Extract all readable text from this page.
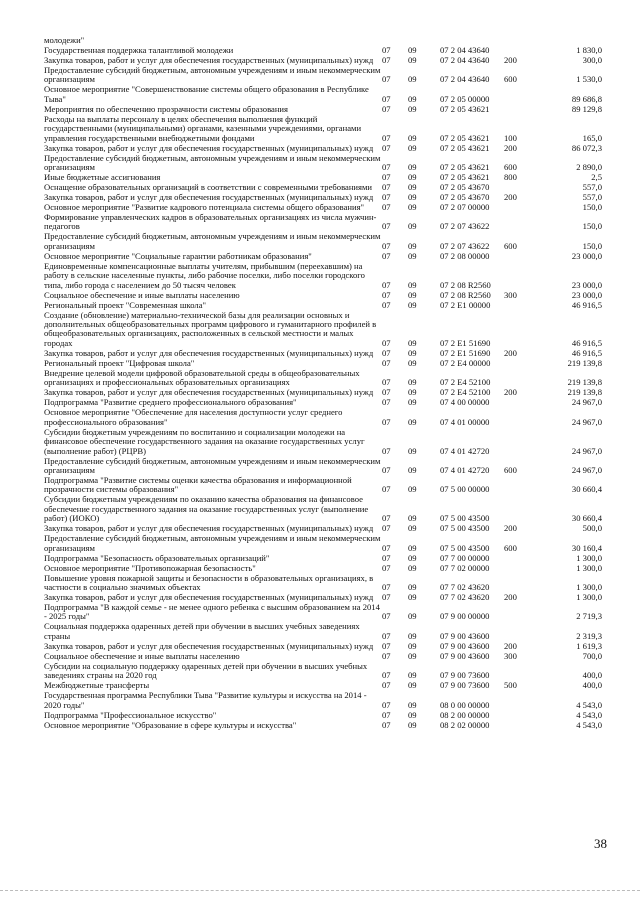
молодежи"
Государственная поддержка талантливой молодежи	07	09	07 2 04 43640	1 830,0
Закупка товаров, работ и услуг для обеспечения государственных (муниципальных) нужд	07	09	07 2 04 43640	200	300,0
Предоставление субсидий бюджетным, автономным учреждениям и иным некоммерческим организациям	07	09	07 2 04 43640	600	1 530,0
Основное мероприятие "Совершенствование системы общего образования в Республике Тыва"	07	09	07 2 05 00000	89 686,8
Мероприятия по обеспечению прозрачности системы образования	07	09	07 2 05 43621	89 129,8
Расходы на выплаты персоналу в целях обеспечения выполнения функций государственными (муниципальными) органами, казенными учреждениями, органами управления государственными внебюджетными фондами	07	09	07 2 05 43621	100	165,0
Закупка товаров, работ и услуг для обеспечения государственных (муниципальных) нужд	07	09	07 2 05 43621	200	86 072,3
Предоставление субсидий бюджетным, автономным учреждениям и иным некоммерческим организациям	07	09	07 2 05 43621	600	2 890,0
Иные бюджетные ассигнования	07	09	07 2 05 43621	800	2,5
Оснащение образовательных организаций в соответствии с современными требованиями	07	09	07 2 05 43670	557,0
Закупка товаров, работ и услуг для обеспечения государственных (муниципальных) нужд	07	09	07 2 05 43670	200	557,0
Основное мероприятие "Развитие кадрового потенциала системы общего образования"	07	09	07 2 07 00000	150,0
Формирование управленческих кадров в образовательных организациях из числа мужчин-педагогов	07	09	07 2 07 43622	150,0
Предоставление субсидий бюджетным, автономным учреждениям и иным некоммерческим организациям	07	09	07 2 07 43622	600	150,0
Основное мероприятие "Социальные гарантии работникам образования"	07	09	07 2 08 00000	23 000,0
Единовременные компенсационные выплаты учителям, прибывшим (переехавшим) на работу в сельские населенные пункты, либо рабочие поселки, либо поселки городского типа, либо города с населением до 50 тысяч человек	07	09	07 2 08 R2560	23 000,0
Социальное обеспечение и иные выплаты населению	07	09	07 2 08 R2560	300	23 000,0
Региональный проект "Современная школа"	07	09	07 2 E1 00000	46 916,5
Создание (обновление) материально-технической базы для реализации основных и дополнительных общеобразовательных программ цифрового и гуманитарного профилей в общеобразовательных организациях, расположенных в сельской местности и малых городах	07	09	07 2 E1 51690	46 916,5
Закупка товаров, работ и услуг для обеспечения государственных (муниципальных) нужд	07	09	07 2 E1 51690	200	46 916,5
Региональный проект "Цифровая школа"	07	09	07 2 E4 00000	219 139,8
Внедрение целевой модели цифровой образовательной среды в общеобразовательных организациях и профессиональных образовательных организациях	07	09	07 2 E4 52100	219 139,8
Закупка товаров, работ и услуг для обеспечения государственных (муниципальных) нужд	07	09	07 2 E4 52100	200	219 139,8
Подпрограмма "Развитие среднего профессионального образования"	07	09	07 4 00 00000	24 967,0
Основное мероприятие "Обеспечение для населения доступности услуг среднего профессионального образования"	07	09	07 4 01 00000	24 967,0
Субсидии бюджетным учреждениям по воспитанию и социализации молодежи на финансовое обеспечение государственного задания на оказание государственных услуг (выполнение работ) (РЦРВ)	07	09	07 4 01 42720	24 967,0
Предоставление субсидий бюджетным, автономным учреждениям и иным некоммерческим организациям	07	09	07 4 01 42720	600	24 967,0
Подпрограмма "Развитие системы оценки качества образования и информационной прозрачности системы образования"	07	09	07 5 00 00000	30 660,4
Субсидии бюджетным учреждениям по оказанию качества образования на финансовое обеспечение государственного задания на оказание государственных услуг (выполнение работ) (ИОКО)	07	09	07 5 00 43500	30 660,4
Закупка товаров, работ и услуг для обеспечения государственных (муниципальных) нужд	07	09	07 5 00 43500	200	500,0
Предоставление субсидий бюджетным, автономным учреждениям и иным некоммерческим организациям	07	09	07 5 00 43500	600	30 160,4
Подпрограмма "Безопасность образовательных организаций"	07	09	07 7 00 00000	1 300,0
Основное мероприятие "Противопожарная безопасность"	07	09	07 7 02 00000	1 300,0
Повышение уровня пожарной защиты и безопасности в образовательных организациях, в частности в социально значимых объектах	07	09	07 7 02 43620	1 300,0
Закупка товаров, работ и услуг для обеспечения государственных (муниципальных) нужд	07	09	07 7 02 43620	200	1 300,0
Подпрограмма "В каждой семье - не менее одного ребенка с высшим образованием на 2014 - 2025 годы"	07	09	07 9 00 00000	2 719,3
Социальная поддержка одаренных детей при обучении в высших учебных заведениях страны	07	09	07 9 00 43600	2 319,3
Закупка товаров, работ и услуг для обеспечения государственных (муниципальных) нужд	07	09	07 9 00 43600	200	1 619,3
Социальное обеспечение и иные выплаты населению	07	09	07 9 00 43600	300	700,0
Субсидии на социальную поддержку одаренных детей при обучении в высших учебных заведениях страны на 2020 год	07	09	07 9 00 73600	400,0
Межбюджетные трансферты	07	09	07 9 00 73600	500	400,0
Государственная программа Республики Тыва "Развитие культуры и искусства на 2014 - 2020 годы"	07	09	08 0 00 00000	4 543,0
Подпрограмма "Профессиональное искусство"	07	09	08 2 00 00000	4 543,0
Основное мероприятие "Образование в сфере культуры и искусства"	07	09	08 2 02 00000	4 543,0
38
